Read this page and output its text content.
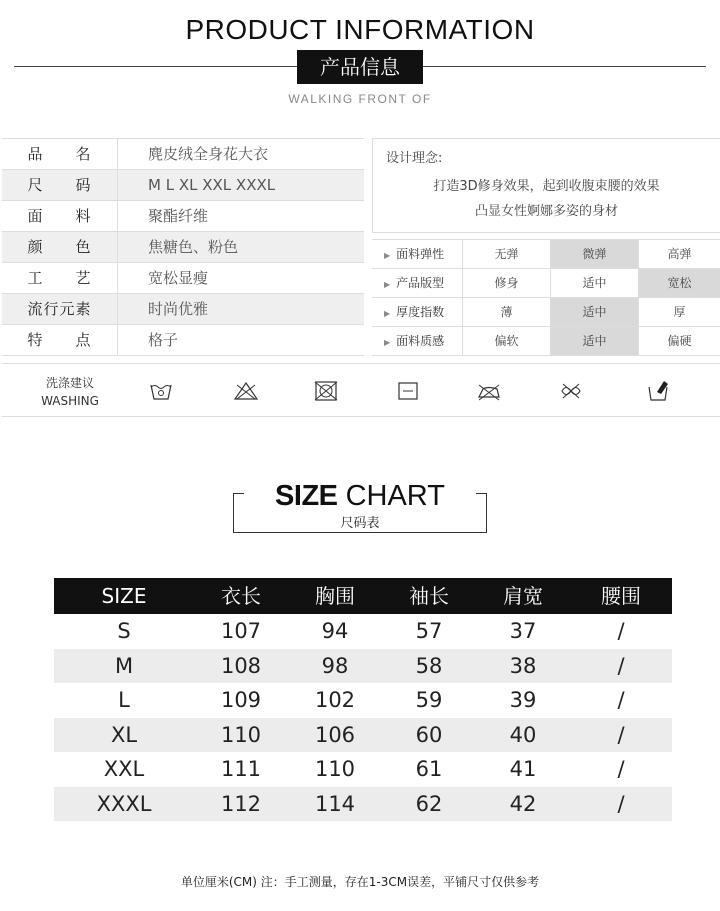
PRODUCT INFORMATION
产品信息
WALKING FRONT OF
品　　名	麂皮绒全身花大衣
尺　　码	M L XL XXL XXXL
面　　料	聚酯纤维
颜　　色	焦糖色、粉色
工　　艺	宽松显瘦
流行元素	时尚优雅
特　　点	格子
设计理念:
打造3D修身效果，起到收腹束腰的效果
凸显女性婀娜多姿的身材
▶ 面料弹性	无弹	微弹	高弹
▶ 产品版型	修身	适中	宽松
▶ 厚度指数	薄	适中	厚
▶ 面料质感	偏软	适中	偏硬
洗涤建议
WASHING
SIZE CHART
尺码表
SIZE	衣长	胸围	袖长	肩宽	腰围
S	107	94	57	37	/
M	108	98	58	38	/
L	109	102	59	39	/
XL	110	106	60	40	/
XXL	111	110	61	41	/
XXXL	112	114	62	42	/
单位厘米(CM) 注：手工测量，存在1-3CM误差，平铺尺寸仅供参考
